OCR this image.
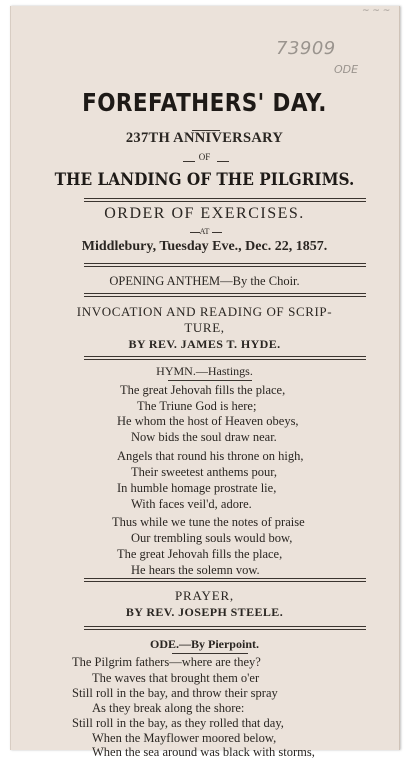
~ ~ ~
73909
ODE
FOREFATHERS' DAY.
237TH ANNIVERSARY
OF
THE LANDING OF THE PILGRIMS.
ORDER OF EXERCISES.
AT
Middlebury, Tuesday Eve., Dec. 22, 1857.
OPENING ANTHEM—By the Choir.
INVOCATION AND READING OF SCRIP-
TURE,
BY REV. JAMES T. HYDE.
HYMN.—Hastings.
The great Jehovah fills the place,
The Triune God is here;
He whom the host of Heaven obeys,
Now bids the soul draw near.
Angels that round his throne on high,
Their sweetest anthems pour,
In humble homage prostrate lie,
With faces veil'd, adore.
Thus while we tune the notes of praise
Our trembling souls would bow,
The great Jehovah fills the place,
He hears the solemn vow.
PRAYER,
BY REV. JOSEPH STEELE.
ODE.—By Pierpoint.
The Pilgrim fathers—where are they?
The waves that brought them o'er
Still roll in the bay, and throw their spray
As they break along the shore:
Still roll in the bay, as they rolled that day,
When the Mayflower moored below,
When the sea around was black with storms,
